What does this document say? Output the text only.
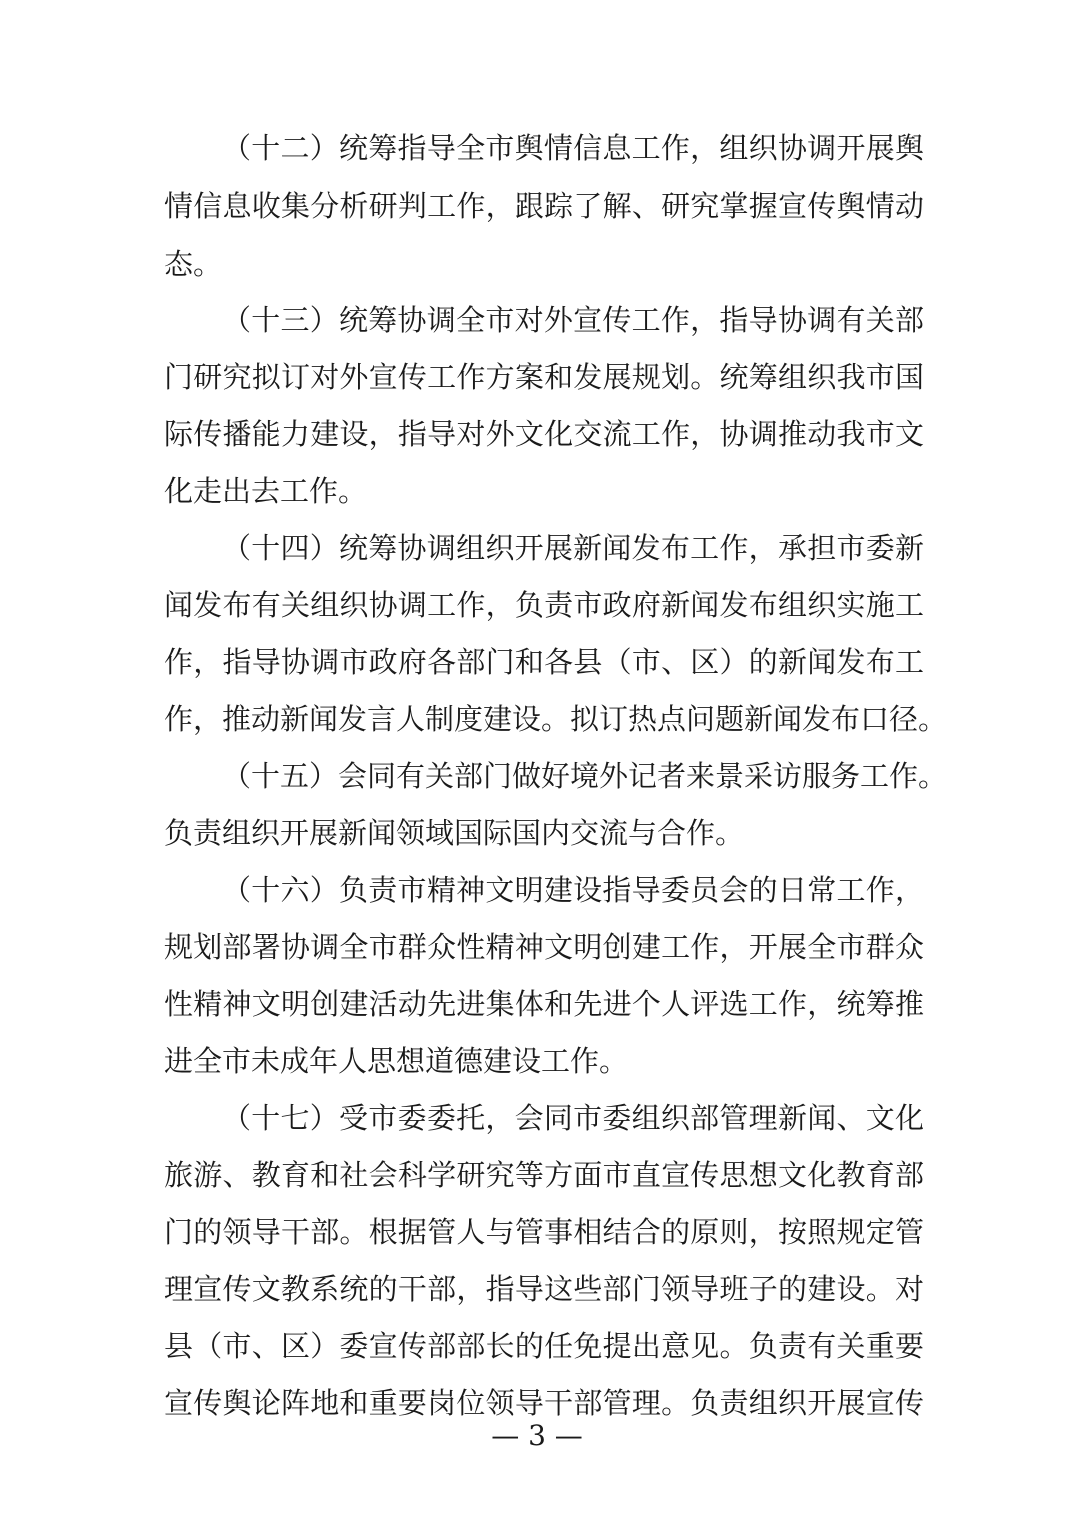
（十二）统筹指导全市舆情信息工作，组织协调开展舆
情信息收集分析研判工作，跟踪了解、研究掌握宣传舆情动
态。
（十三）统筹协调全市对外宣传工作，指导协调有关部
门研究拟订对外宣传工作方案和发展规划。统筹组织我市国
际传播能力建设，指导对外文化交流工作，协调推动我市文
化走出去工作。
（十四）统筹协调组织开展新闻发布工作，承担市委新
闻发布有关组织协调工作，负责市政府新闻发布组织实施工
作，指导协调市政府各部门和各县（市、区）的新闻发布工
作，推动新闻发言人制度建设。拟订热点问题新闻发布口径。
（十五）会同有关部门做好境外记者来景采访服务工作。
负责组织开展新闻领域国际国内交流与合作。
（十六）负责市精神文明建设指导委员会的日常工作，
规划部署协调全市群众性精神文明创建工作，开展全市群众
性精神文明创建活动先进集体和先进个人评选工作，统筹推
进全市未成年人思想道德建设工作。
（十七）受市委委托，会同市委组织部管理新闻、文化
旅游、教育和社会科学研究等方面市直宣传思想文化教育部
门的领导干部。根据管人与管事相结合的原则，按照规定管
理宣传文教系统的干部，指导这些部门领导班子的建设。对
县（市、区）委宣传部部长的任免提出意见。负责有关重要
宣传舆论阵地和重要岗位领导干部管理。负责组织开展宣传
— 3 —
